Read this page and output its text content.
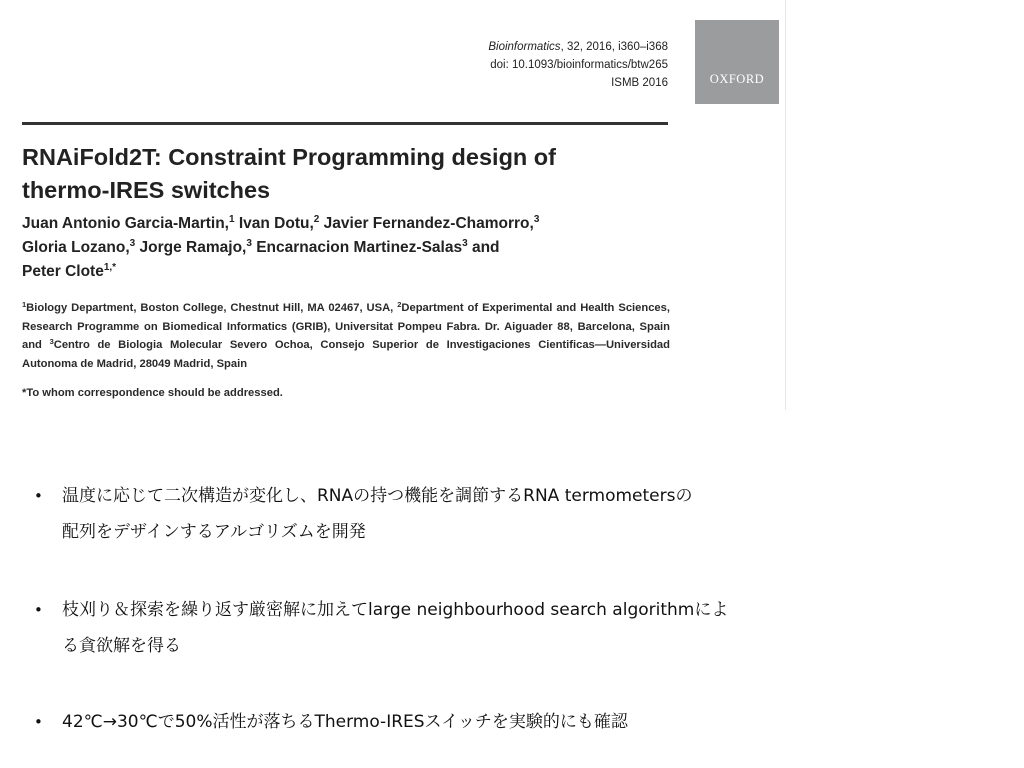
Bioinformatics, 32, 2016, i360–i368
doi: 10.1093/bioinformatics/btw265
ISMB 2016	OXFORD
RNAiFold2T: Constraint Programming design of
thermo-IRES switches
Juan Antonio Garcia-Martin,$^1$ Ivan Dotu,$^2$ Javier Fernandez-Chamorro,$^3$
Gloria Lozano,$^3$ Jorge Ramajo,$^3$ Encarnacion Martinez-Salas$^3$ and
Peter Clote$^{1,*}$
$^1$Biology Department, Boston College, Chestnut Hill, MA 02467, USA, $^2$Department of Experimental and Health Sciences, Research Programme on Biomedical Informatics (GRIB), Universitat Pompeu Fabra. Dr. Aiguader 88, Barcelona, Spain and $^3$Centro de Biologia Molecular Severo Ochoa, Consejo Superior de Investigaciones Cientificas—Universidad Autonoma de Madrid, 28049 Madrid, Spain
*To whom correspondence should be addressed.
• 温度に応じて二次構造が変化し、RNAの持つ機能を調節するRNA termometersの
配列をデザインするアルゴリズムを開発
• 枝刈り＆探索を繰り返す厳密解に加えてlarge neighbourhood search algorithmによ
る貪欲解を得る
• 42℃→30℃で50%活性が落ちるThermo-IRESスイッチを実験的にも確認
